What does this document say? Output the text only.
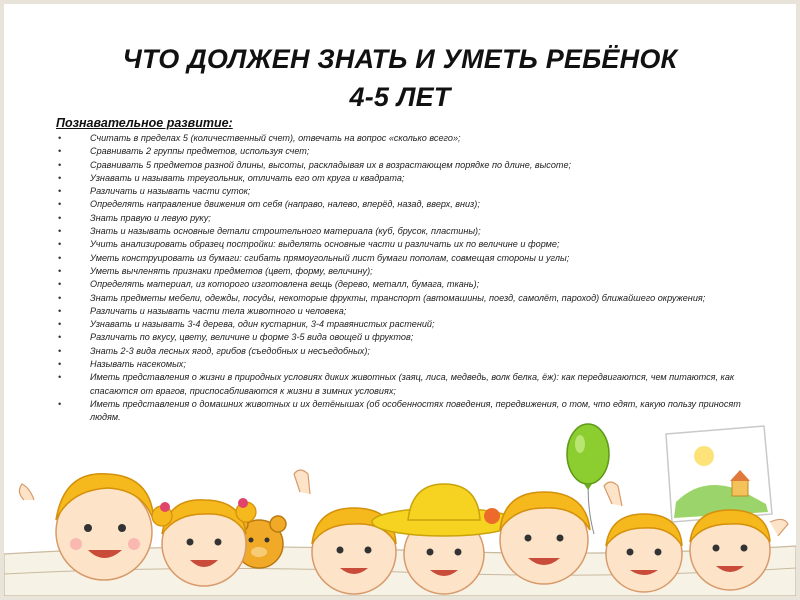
ЧТО ДОЛЖЕН ЗНАТЬ И УМЕТЬ РЕБЁНОК
4-5 ЛЕТ
Познавательное развитие:
• Считать в пределах 5 (количественный счет), отвечать на вопрос «сколько всего»;
• Сравнивать 2 группы предметов, используя счет;
• Сравнивать 5 предметов разной длины, высоты, раскладывая их в возрастающем порядке по длине, высоте;
• Узнавать и называть треугольник, отличать его от круга и квадрата;
• Различать и называть части суток;
• Определять направление движения от себя (направо, налево, вперёд, назад, вверх, вниз);
• Знать правую и левую руку;
• Знать и называть основные детали строительного материала (куб, брусок, пластины);
• Учить анализировать образец постройки: выделять основные части и различать их по величине и форме;
• Уметь конструировать из бумаги: сгибать прямоугольный лист бумаги пополам, совмещая стороны и углы;
• Уметь вычленять признаки предметов (цвет, форму, величину);
• Определять материал, из которого изготовлена вещь (дерево, металл, бумага, ткань);
• Знать предметы мебели, одежды, посуды, некоторые фрукты, транспорт (автомашины, поезд, самолёт, пароход) ближайшего окружения;
• Различать и называть части тела животного и человека;
• Узнавать и называть 3-4 дерева, один кустарник, 3-4 травянистых растений;
• Различать по вкусу, цвету, величине и форме 3-5 вида овощей и фруктов;
• Знать 2-3 вида лесных ягод, грибов (съедобных и несъедобных);
• Называть насекомых;
• Иметь представления о жизни в природных условиях диких животных (заяц, лиса, медведь, волк белка, ёж): как передвигаются, чем питаются, как спасаются от врагов, приспосабливаются к жизни в зимних условиях;
• Иметь представления о домашних животных и их детёнышах (об особенностях поведения, передвижения, о том, что едят, какую пользу приносят людям.
